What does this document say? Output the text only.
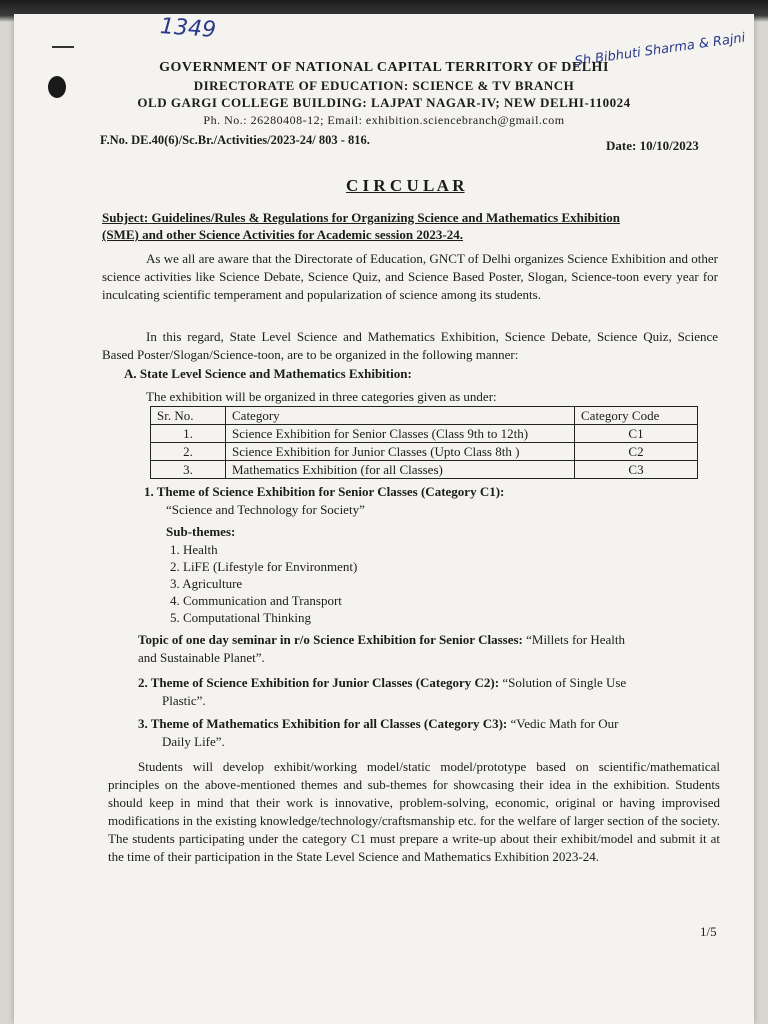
1349
Sh.Bibhuti Sharma & Rajni
GOVERNMENT OF NATIONAL CAPITAL TERRITORY OF DELHI
DIRECTORATE OF EDUCATION: SCIENCE & TV BRANCH
OLD GARGI COLLEGE BUILDING: LAJPAT NAGAR-IV; NEW DELHI-110024
Ph. No.: 26280408-12; Email: exhibition.sciencebranch@gmail.com
F.No. DE.40(6)/Sc.Br./Activities/2023-24/ 803 - 816.	Date: 10/10/2023
C I R C U L A R
Subject: Guidelines/Rules & Regulations for Organizing Science and Mathematics Exhibition
(SME) and other Science Activities for Academic session 2023-24.
As we all are aware that the Directorate of Education, GNCT of Delhi organizes Science Exhibition and other science activities like Science Debate, Science Quiz, and Science Based Poster, Slogan, Science-toon every year for inculcating scientific temperament and popularization of science among its students.
In this regard, State Level Science and Mathematics Exhibition, Science Debate, Science Quiz, Science Based Poster/Slogan/Science-toon, are to be organized in the following manner:
A. State Level Science and Mathematics Exhibition:
The exhibition will be organized in three categories given as under:
Sr. No.	Category	Category Code
1.	Science Exhibition for Senior Classes (Class 9th to 12th)	C1
2.	Science Exhibition for Junior Classes (Upto Class 8th )	C2
3.	Mathematics Exhibition (for all Classes)	C3
1. Theme of Science Exhibition for Senior Classes (Category C1):
“Science and Technology for Society”
Sub-themes:
1. Health
2. LiFE (Lifestyle for Environment)
3. Agriculture
4. Communication and Transport
5. Computational Thinking
Topic of one day seminar in r/o Science Exhibition for Senior Classes: “Millets for Health
and Sustainable Planet”.
2. Theme of Science Exhibition for Junior Classes (Category C2): “Solution of Single Use
Plastic”.
3. Theme of Mathematics Exhibition for all Classes (Category C3): “Vedic Math for Our
Daily Life”.
Students will develop exhibit/working model/static model/prototype based on scientific/mathematical principles on the above-mentioned themes and sub-themes for showcasing their idea in the exhibition. Students should keep in mind that their work is innovative, problem-solving, economic, original or having improvised modifications in the existing knowledge/technology/craftsmanship etc. for the welfare of larger section of the society. The students participating under the category C1 must prepare a write-up about their exhibit/model and submit it at the time of their participation in the State Level Science and Mathematics Exhibition 2023-24.
1/5
